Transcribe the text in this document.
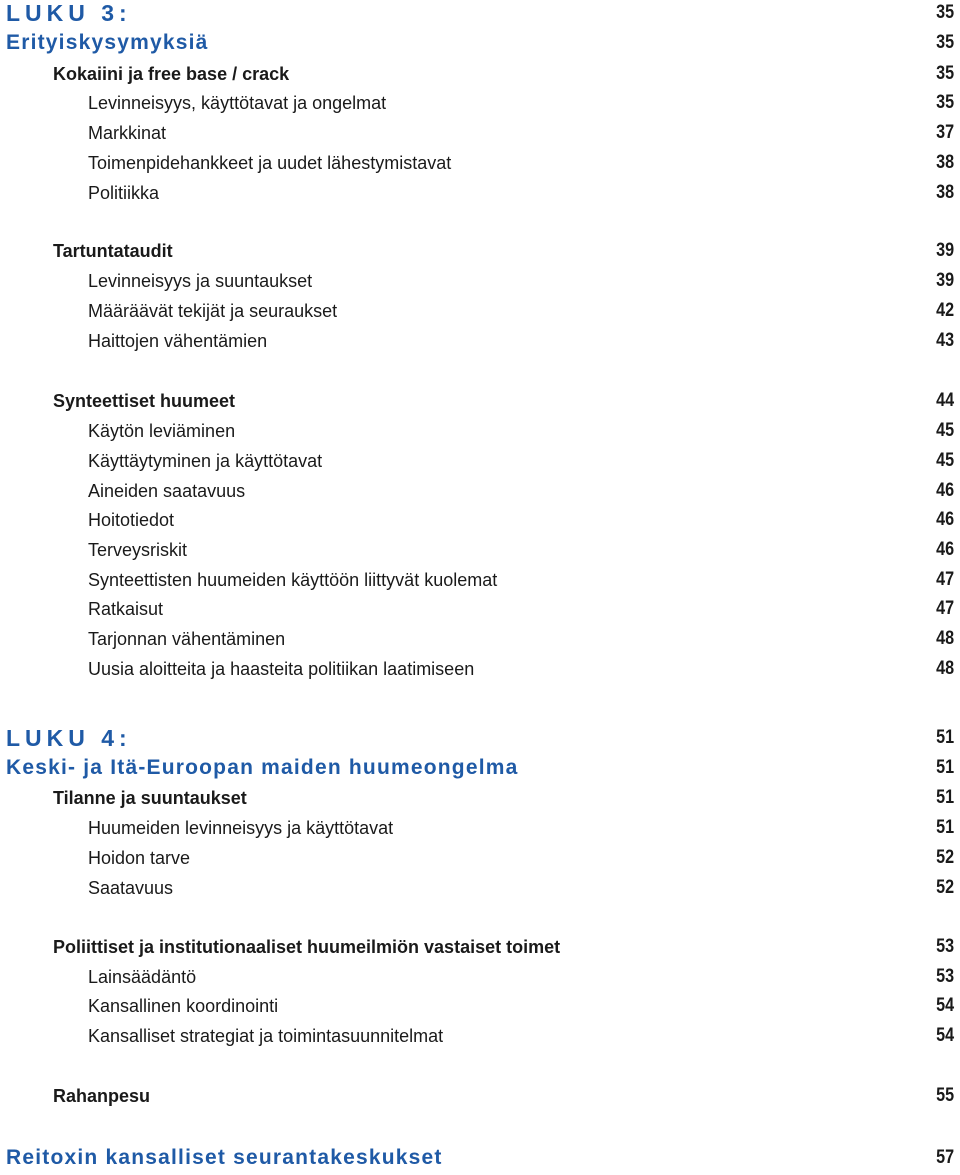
LUKU 3:	35
Erityiskysymyksiä	35
Kokaiini ja free base / crack	35
Levinneisyys, käyttötavat ja ongelmat	35
Markkinat	37
Toimenpidehankkeet ja uudet lähestymistavat	38
Politiikka	38
Tartuntataudit	39
Levinneisyys ja suuntaukset	39
Määräävät tekijät ja seuraukset	42
Haittojen vähentämien	43
Synteettiset huumeet	44
Käytön leviäminen	45
Käyttäytyminen ja käyttötavat	45
Aineiden saatavuus	46
Hoitotiedot	46
Terveysriskit	46
Synteettisten huumeiden käyttöön liittyvät kuolemat	47
Ratkaisut	47
Tarjonnan vähentäminen	48
Uusia aloitteita ja haasteita politiikan laatimiseen	48
LUKU 4:	51
Keski- ja Itä-Euroopan maiden huumeongelma	51
Tilanne ja suuntaukset	51
Huumeiden levinneisyys ja käyttötavat	51
Hoidon tarve	52
Saatavuus	52
Poliittiset ja institutionaaliset huumeilmiön vastaiset toimet	53
Lainsäädäntö	53
Kansallinen koordinointi	54
Kansalliset strategiat ja toimintasuunnitelmat	54
Rahanpesu	55
Reitoxin kansalliset seurantakeskukset	57
